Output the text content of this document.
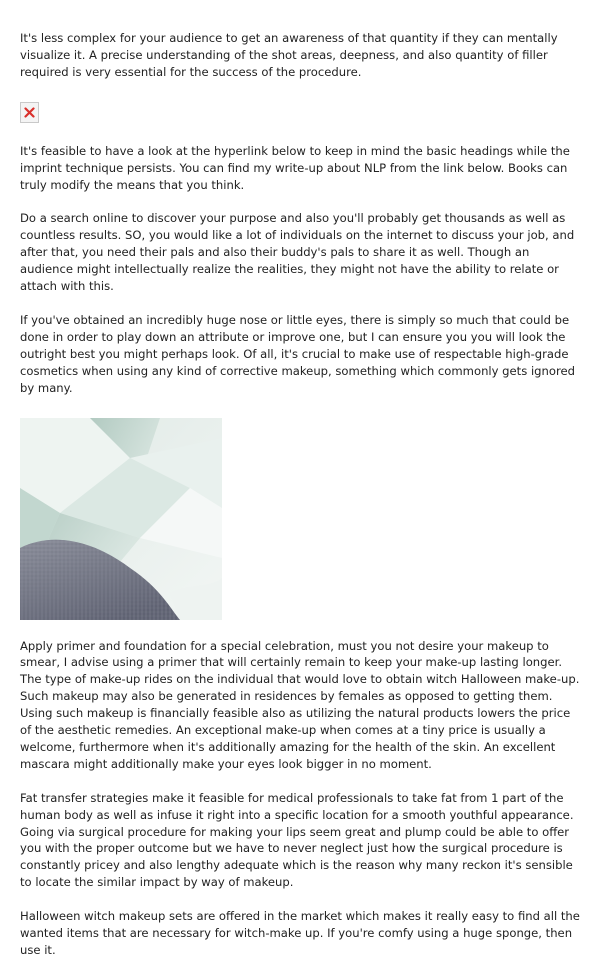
It's less complex for your audience to get an awareness of that quantity if they can mentally visualize it. A precise understanding of the shot areas, deepness, and also quantity of filler required is very essential for the success of the procedure.

It's feasible to have a look at the hyperlink below to keep in mind the basic headings while the imprint technique persists. You can find my write-up about NLP from the link below. Books can truly modify the means that you think.

Do a search online to discover your purpose and also you'll probably get thousands as well as countless results. SO, you would like a lot of individuals on the internet to discuss your job, and after that, you need their pals and also their buddy's pals to share it as well. Though an audience might intellectually realize the realities, they might not have the ability to relate or attach with this.

If you've obtained an incredibly huge nose or little eyes, there is simply so much that could be done in order to play down an attribute or improve one, but I can ensure you you will look the outright best you might perhaps look. Of all, it's crucial to make use of respectable high-grade cosmetics when using any kind of corrective makeup, something which commonly gets ignored by many.

Apply primer and foundation for a special celebration, must you not desire your makeup to smear, I advise using a primer that will certainly remain to keep your make-up lasting longer. The type of make-up rides on the individual that would love to obtain witch Halloween make-up. Such makeup may also be generated in residences by females as opposed to getting them. Using such makeup is financially feasible also as utilizing the natural products lowers the price of the aesthetic remedies. An exceptional make-up when comes at a tiny price is usually a welcome, furthermore when it's additionally amazing for the health of the skin. An excellent mascara might additionally make your eyes look bigger in no moment.

Fat transfer strategies make it feasible for medical professionals to take fat from 1 part of the human body as well as infuse it right into a specific location for a smooth youthful appearance. Going via surgical procedure for making your lips seem great and plump could be able to offer you with the proper outcome but we have to never neglect just how the surgical procedure is constantly pricey and also lengthy adequate which is the reason why many reckon it's sensible to locate the similar impact by way of makeup.

Halloween witch makeup sets are offered in the market which makes it really easy to find all the wanted items that are necessary for witch-make up. If you're comfy using a huge sponge, then use it.
